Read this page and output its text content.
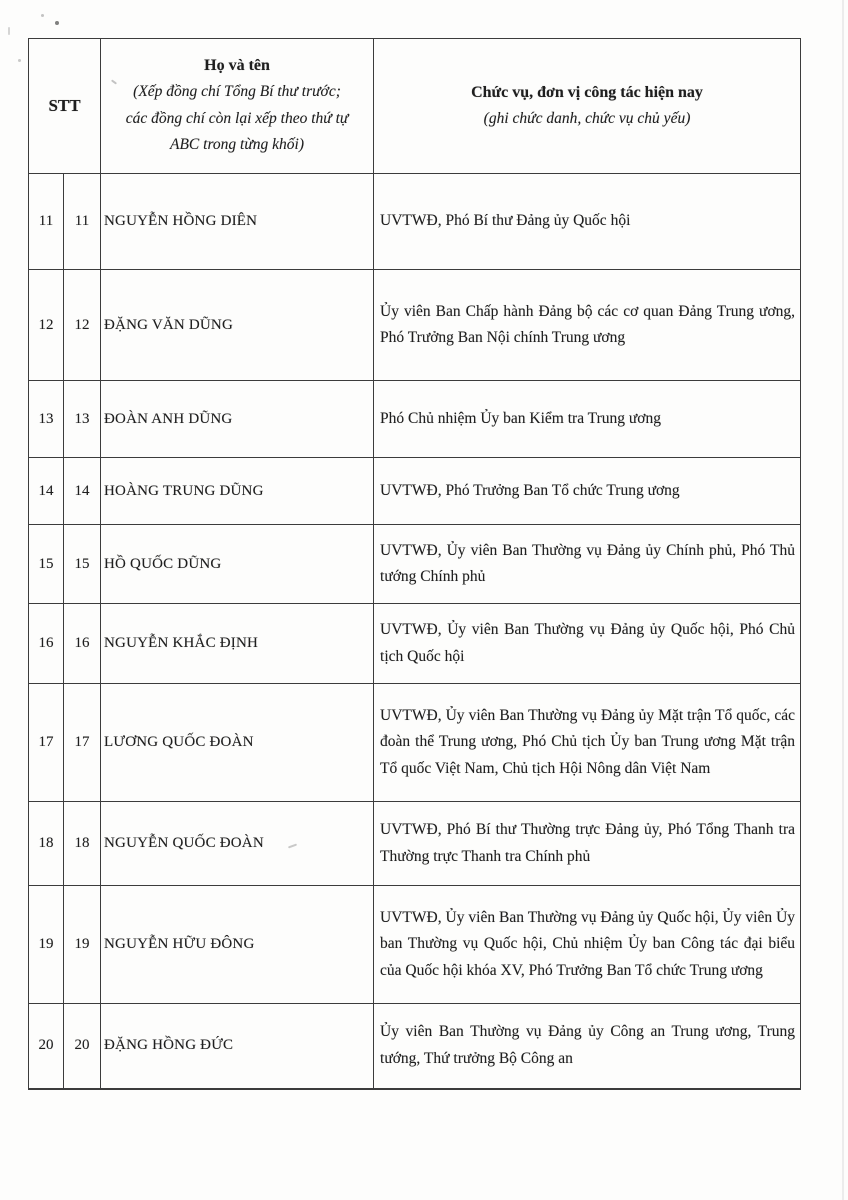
STT

Họ và tên
(Xếp đồng chí Tổng Bí thư trước;
các đồng chí còn lại xếp theo thứ tự
ABC trong từng khối)

Chức vụ, đơn vị công tác hiện nay
(ghi chức danh, chức vụ chủ yếu)

11	11	NGUYỄN HỒNG DIÊN	UVTWĐ, Phó Bí thư Đảng ủy Quốc hội
12	12	ĐẶNG VĂN DŨNG	Ủy viên Ban Chấp hành Đảng bộ các cơ quan Đảng Trung ương, Phó Trưởng Ban Nội chính Trung ương
13	13	ĐOÀN ANH DŨNG	Phó Chủ nhiệm Ủy ban Kiểm tra Trung ương
14	14	HOÀNG TRUNG DŨNG	UVTWĐ, Phó Trưởng Ban Tổ chức Trung ương
15	15	HỒ QUỐC DŨNG	UVTWĐ, Ủy viên Ban Thường vụ Đảng ủy Chính phủ, Phó Thủ tướng Chính phủ
16	16	NGUYỄN KHẮC ĐỊNH	UVTWĐ, Ủy viên Ban Thường vụ Đảng ủy Quốc hội, Phó Chủ tịch Quốc hội
17	17	LƯƠNG QUỐC ĐOÀN	UVTWĐ, Ủy viên Ban Thường vụ Đảng ủy Mặt trận Tổ quốc, các đoàn thể Trung ương, Phó Chủ tịch Ủy ban Trung ương Mặt trận Tổ quốc Việt Nam, Chủ tịch Hội Nông dân Việt Nam
18	18	NGUYỄN QUỐC ĐOÀN	UVTWĐ, Phó Bí thư Thường trực Đảng ủy, Phó Tổng Thanh tra Thường trực Thanh tra Chính phủ
19	19	NGUYỄN HỮU ĐÔNG	UVTWĐ, Ủy viên Ban Thường vụ Đảng ủy Quốc hội, Ủy viên Ủy ban Thường vụ Quốc hội, Chủ nhiệm Ủy ban Công tác đại biểu của Quốc hội khóa XV, Phó Trưởng Ban Tổ chức Trung ương
20	20	ĐẶNG HỒNG ĐỨC	Ủy viên Ban Thường vụ Đảng ủy Công an Trung ương, Trung tướng, Thứ trưởng Bộ Công an
